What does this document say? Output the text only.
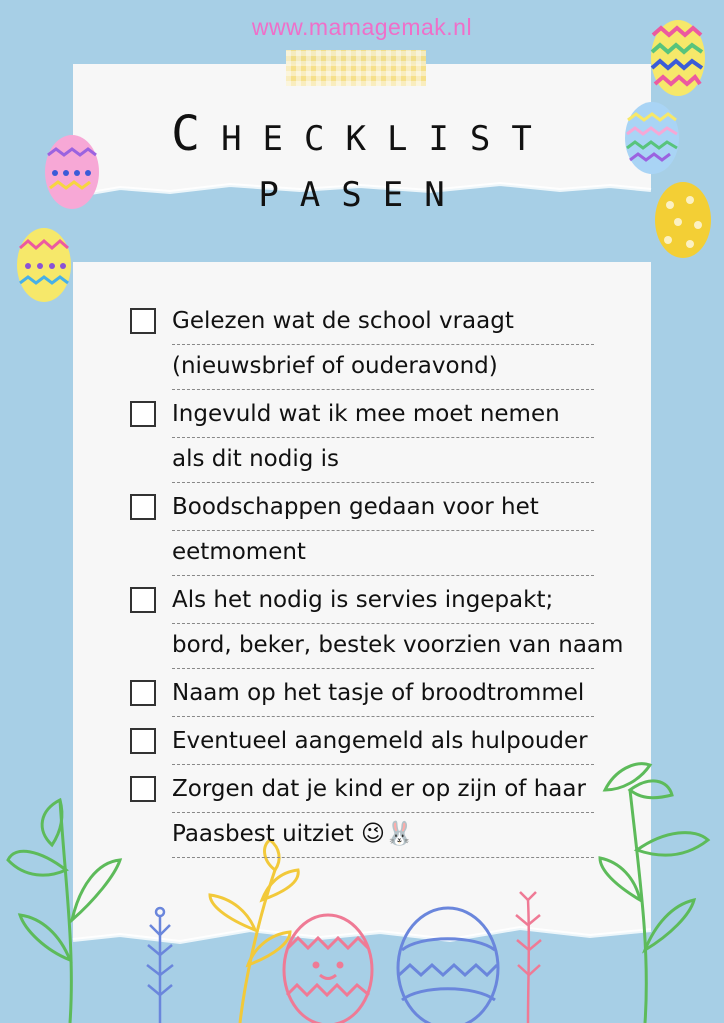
www.mamagemak.nl
Checklist pasen
Gelezen wat de school vraagt
(nieuwsbrief of ouderavond)
Ingevuld wat ik mee moet nemen
als dit nodig is
Boodschappen gedaan voor het
eetmoment
Als het nodig is servies ingepakt;
bord, beker, bestek voorzien van naam
Naam op het tasje of broodtrommel
Eventueel aangemeld als hulpouder
Zorgen dat je kind er op zijn of haar
Paasbest uitziet 😉🐰
